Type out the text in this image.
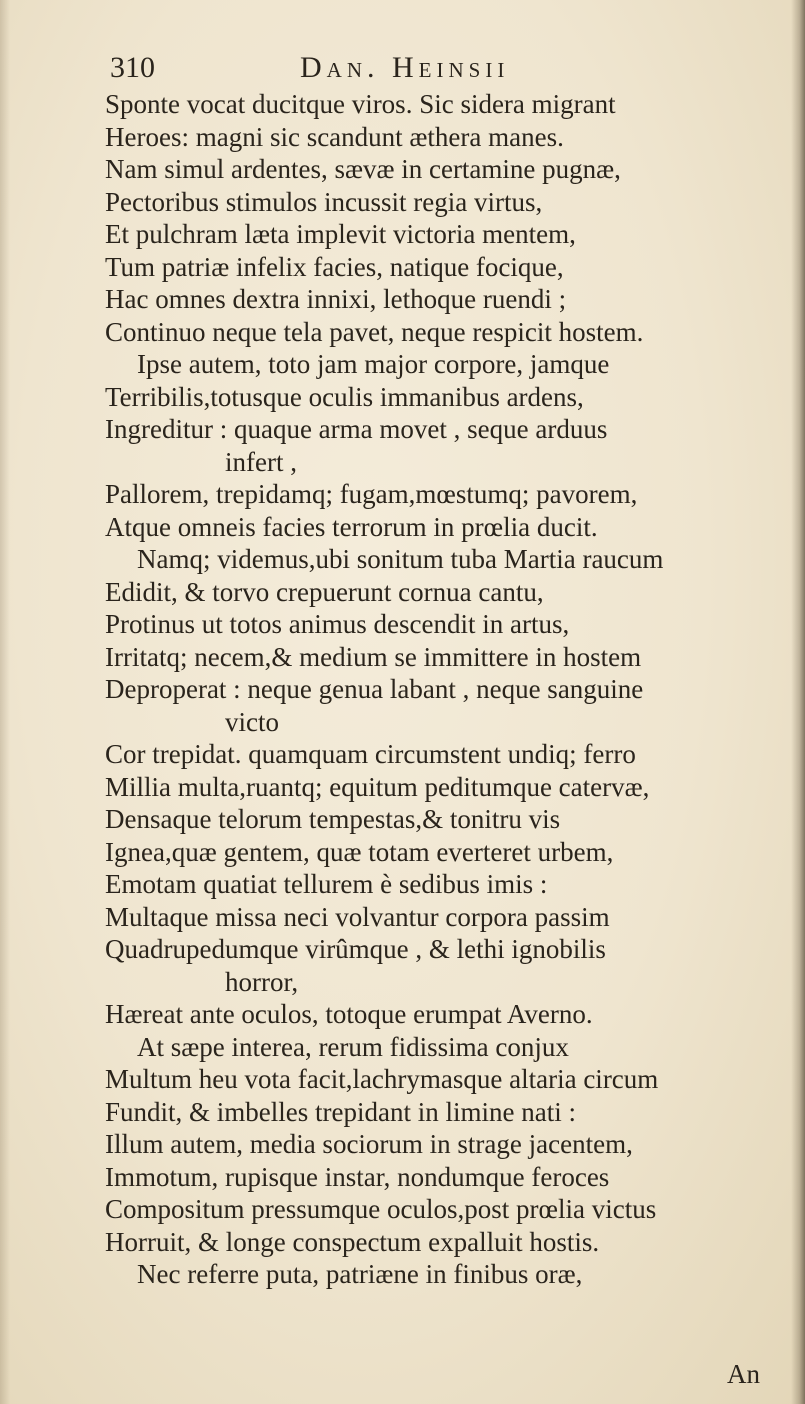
310	Dan. Heinsii
Sponte vocat ducitque viros. Sic sidera migrant
Heroes: magni sic scandunt æthera manes.
Nam simul ardentes, sævæ in certamine pugnæ,
Pectoribus stimulos incussit regia virtus,
Et pulchram læta implevit victoria mentem,
Tum patriæ infelix facies, natique focique,
Hac omnes dextra innixi, lethoque ruendi ;
Continuo neque tela pavet, neque respicit hostem.
Ipse autem, toto jam major corpore, jamque
Terribilis,totusque oculis immanibus ardens,
Ingreditur : quaque arma movet , seque arduus
infert ,
Pallorem, trepidamq; fugam,mœstumq; pavorem,
Atque omneis facies terrorum in prœlia ducit.
Namq; videmus,ubi sonitum tuba Martia raucum
Edidit, & torvo crepuerunt cornua cantu,
Protinus ut totos animus descendit in artus,
Irritatq; necem,& medium se immittere in hostem
Deproperat : neque genua labant , neque sanguine
victo
Cor trepidat. quamquam circumstent undiq; ferro
Millia multa,ruantq; equitum peditumque catervæ,
Densaque telorum tempestas,& tonitru vis
Ignea,quæ gentem, quæ totam everteret urbem,
Emotam quatiat tellurem è sedibus imis :
Multaque missa neci volvantur corpora passim
Quadrupedumque virûmque , & lethi ignobilis
horror,
Hæreat ante oculos, totoque erumpat Averno.
At sæpe interea, rerum fidissima conjux
Multum heu vota facit,lachrymasque altaria circum
Fundit, & imbelles trepidant in limine nati :
Illum autem, media sociorum in strage jacentem,
Immotum, rupisque instar, nondumque feroces
Compositum pressumque oculos,post prœlia victus
Horruit, & longe conspectum expalluit hostis.
Nec referre puta, patriæne in finibus oræ,
An
